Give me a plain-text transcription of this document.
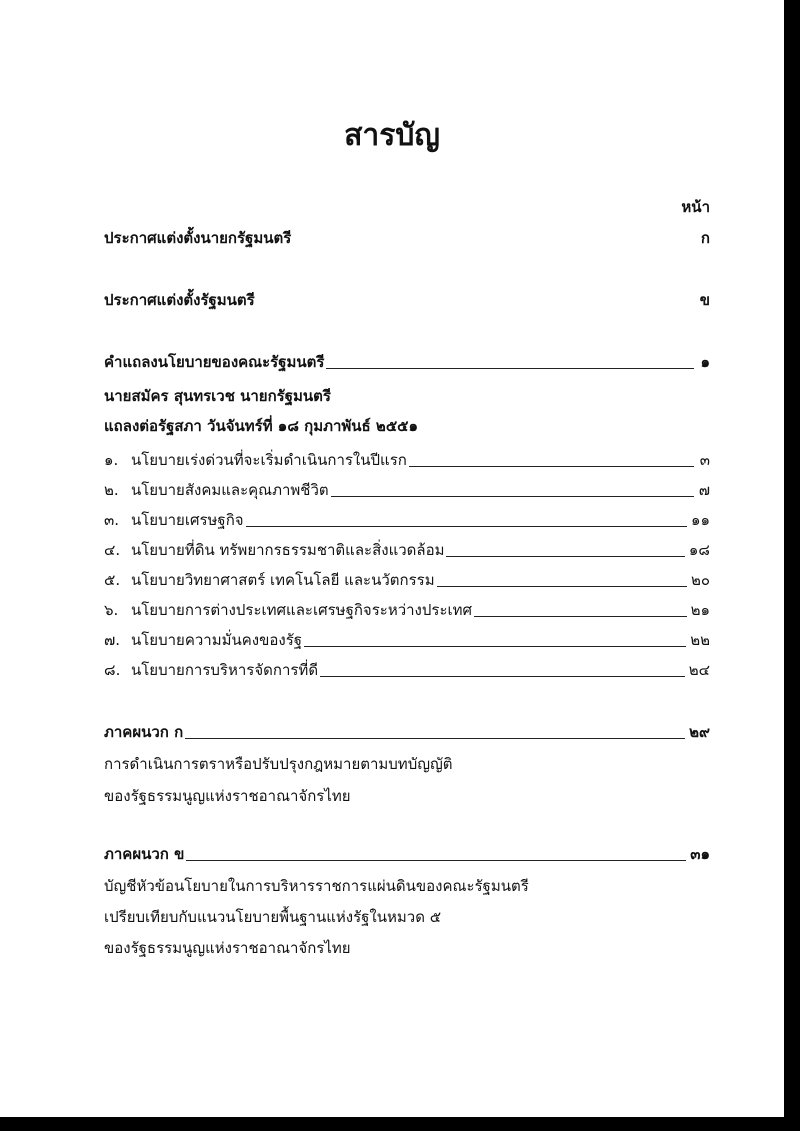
สารบัญ
หน้า
ประกาศแต่งตั้งนายกรัฐมนตรี	ก
ประกาศแต่งตั้งรัฐมนตรี	ข
คำแถลงนโยบายของคณะรัฐมนตรี	๑
นายสมัคร สุนทรเวช นายกรัฐมนตรี
แถลงต่อรัฐสภา วันจันทร์ที่ ๑๘ กุมภาพันธ์ ๒๕๕๑
๑. นโยบายเร่งด่วนที่จะเริ่มดำเนินการในปีแรก	๓
๒. นโยบายสังคมและคุณภาพชีวิต	๗
๓. นโยบายเศรษฐกิจ	๑๑
๔. นโยบายที่ดิน ทรัพยากรธรรมชาติและสิ่งแวดล้อม	๑๘
๕. นโยบายวิทยาศาสตร์ เทคโนโลยี และนวัตกรรม	๒๐
๖. นโยบายการต่างประเทศและเศรษฐกิจระหว่างประเทศ	๒๑
๗. นโยบายความมั่นคงของรัฐ	๒๒
๘. นโยบายการบริหารจัดการที่ดี	๒๔
ภาคผนวก ก	๒๙
การดำเนินการตราหรือปรับปรุงกฎหมายตามบทบัญญัติ
ของรัฐธรรมนูญแห่งราชอาณาจักรไทย
ภาคผนวก ข	๓๑
บัญชีหัวข้อนโยบายในการบริหารราชการแผ่นดินของคณะรัฐมนตรี
เปรียบเทียบกับแนวนโยบายพื้นฐานแห่งรัฐในหมวด ๕
ของรัฐธรรมนูญแห่งราชอาณาจักรไทย
